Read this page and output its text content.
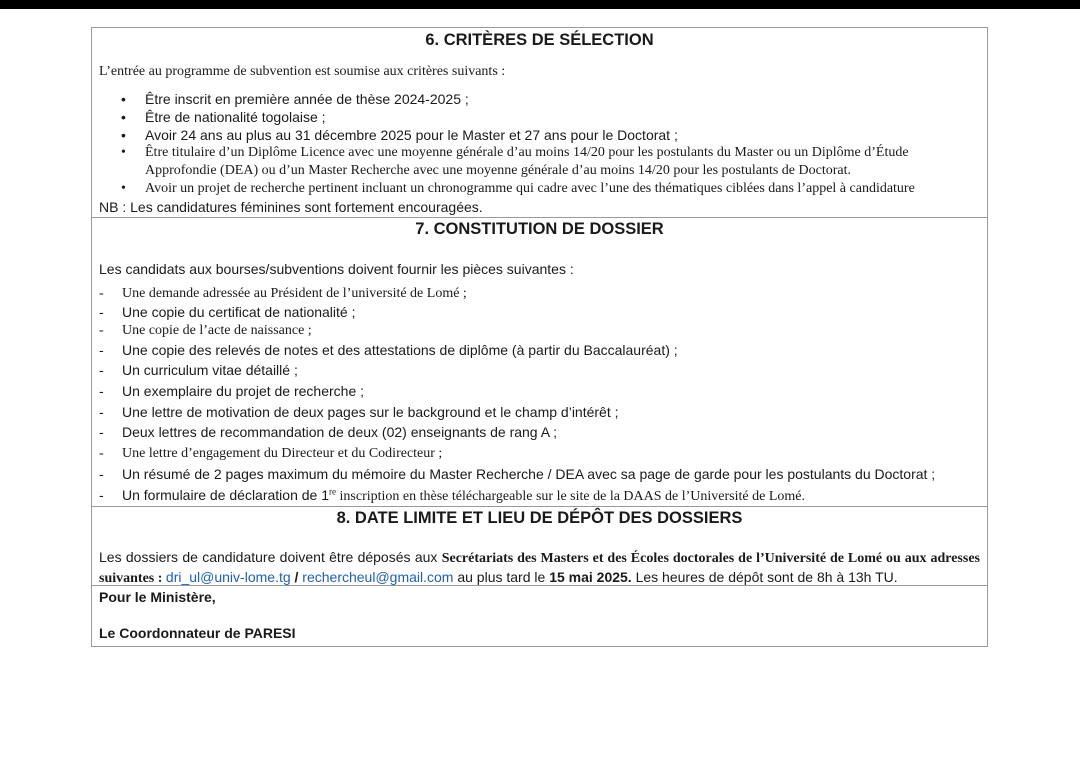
6. CRITÈRES DE SÉLECTION

L’entrée au programme de subvention est soumise aux critères suivants :

• Être inscrit en première année de thèse 2024-2025 ;
• Être de nationalité togolaise ;
• Avoir 24 ans au plus au 31 décembre 2025 pour le Master et 27 ans pour le Doctorat ;
• Être titulaire d’un Diplôme Licence avec une moyenne générale d’au moins 14/20 pour les postulants du Master ou un Diplôme d’Étude Approfondie (DEA) ou d’un Master Recherche avec une moyenne générale d’au moins 14/20 pour les postulants de Doctorat.
• Avoir un projet de recherche pertinent incluant un chronogramme qui cadre avec l’une des thématiques ciblées dans l’appel à candidature

NB : Les candidatures féminines sont fortement encouragées.

7. CONSTITUTION DE DOSSIER

Les candidats aux bourses/subventions doivent fournir les pièces suivantes :

- Une demande adressée au Président de l’université de Lomé ;
- Une copie du certificat de nationalité ;
- Une copie de l’acte de naissance ;
- Une copie des relevés de notes et des attestations de diplôme (à partir du Baccalauréat) ;
- Un curriculum vitae détaillé ;
- Un exemplaire du projet de recherche ;
- Une lettre de motivation de deux pages sur le background et le champ d’intérêt ;
- Deux lettres de recommandation de deux (02) enseignants de rang A ;
- Une lettre d’engagement du Directeur et du Codirecteur ;
- Un résumé de 2 pages maximum du mémoire du Master Recherche / DEA avec sa page de garde pour les postulants du Doctorat ;
- Un formulaire de déclaration de 1re inscription en thèse téléchargeable sur le site de la DAAS de l’Université de Lomé.

8. DATE LIMITE ET LIEU DE DÉPÔT DES DOSSIERS

Les dossiers de candidature doivent être déposés aux Secrétariats des Masters et des Écoles doctorales de l’Université de Lomé ou aux adresses suivantes : dri_ul@univ-lome.tg / rechercheul@gmail.com au plus tard le 15 mai 2025. Les heures de dépôt sont de 8h à 13h TU.

Pour le Ministère,

Le Coordonnateur de PARESI
